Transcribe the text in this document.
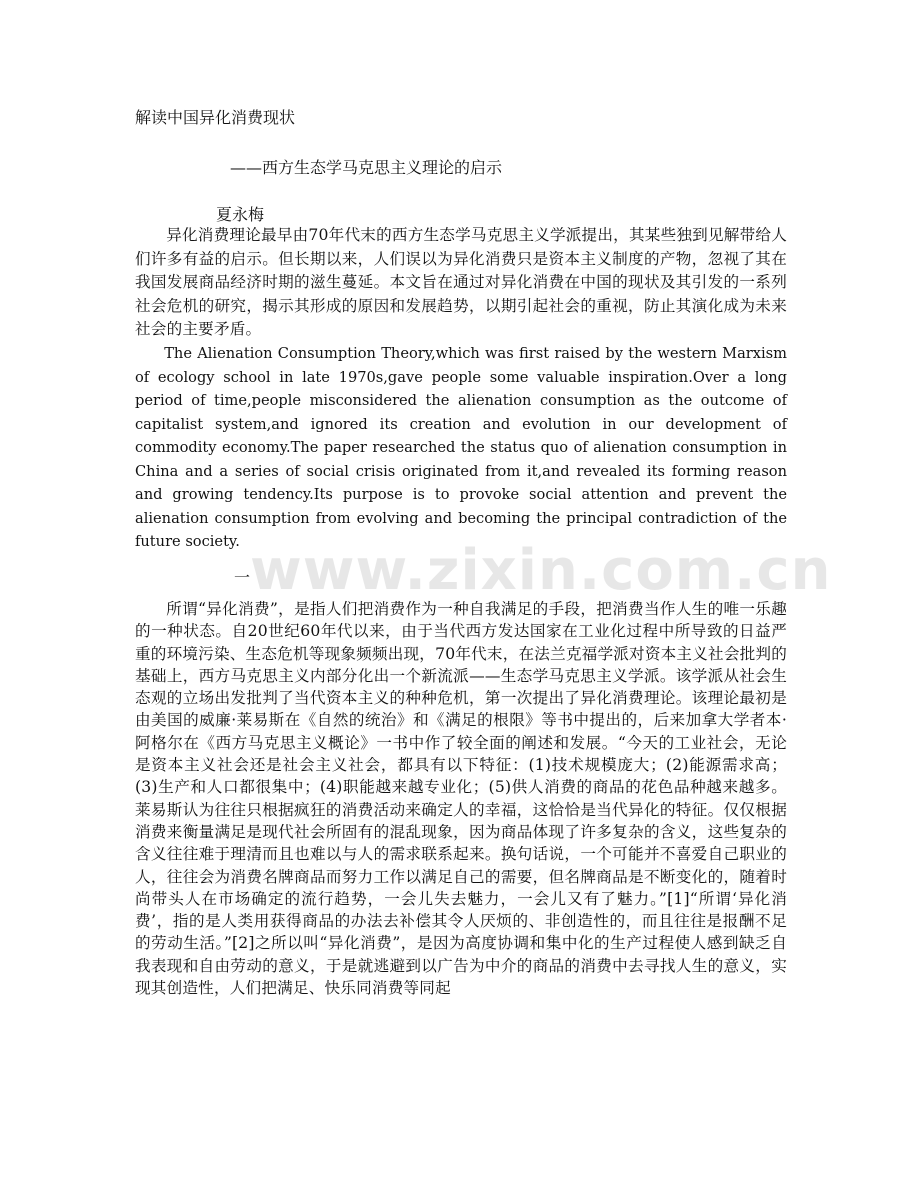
解读中国异化消费现状
——西方生态学马克思主义理论的启示
夏永梅

异化消费理论最早由70年代末的西方生态学马克思主义学派提出，其某些独到见解带给人们许多有益的启示。但长期以来，人们误以为异化消费只是资本主义制度的产物，忽视了其在我国发展商品经济时期的滋生蔓延。本文旨在通过对异化消费在中国的现状及其引发的一系列社会危机的研究，揭示其形成的原因和发展趋势，以期引起社会的重视，防止其演化成为未来社会的主要矛盾。

The Alienation Consumption Theory,which was first raised by the western Marxism of ecology school in late 1970s,gave people some valuable inspiration.Over a long period of time,people misconsidered the alienation consumption as the outcome of capitalist system,and ignored its creation and evolution in our development of commodity economy.The paper researched the status quo of alienation consumption in China and a series of social crisis originated from it,and revealed its forming reason and growing tendency.Its purpose is to provoke social attention and prevent the alienation consumption from evolving and becoming the principal contradiction of the future society. www.zixin.com.cn
一

所谓“异化消费”，是指人们把消费作为一种自我满足的手段，把消费当作人生的唯一乐趣的一种状态。自20世纪60年代以来，由于当代西方发达国家在工业化过程中所导致的日益严重的环境污染、生态危机等现象频频出现，70年代末，在法兰克福学派对资本主义社会批判的基础上，西方马克思主义内部分化出一个新流派——生态学马克思主义学派。该学派从社会生态观的立场出发批判了当代资本主义的种种危机，第一次提出了异化消费理论。该理论最初是由美国的威廉·莱易斯在《自然的统治》和《满足的根限》等书中提出的，后来加拿大学者本·阿格尔在《西方马克思主义概论》一书中作了较全面的阐述和发展。“今天的工业社会，无论是资本主义社会还是社会主义社会，都具有以下特征：(1)技术规模庞大；(2)能源需求高；(3)生产和人口都很集中；(4)职能越来越专业化；(5)供人消费的商品的花色品种越来越多。莱易斯认为往往只根据疯狂的消费活动来确定人的幸福，这恰恰是当代异化的特征。仅仅根据消费来衡量满足是现代社会所固有的混乱现象，因为商品体现了许多复杂的含义，这些复杂的含义往往难于理清而且也难以与人的需求联系起来。换句话说，一个可能并不喜爱自己职业的人，往往会为消费名牌商品而努力工作以满足自己的需要，但名牌商品是不断变化的，随着时尚带头人在市场确定的流行趋势，一会儿失去魅力，一会儿又有了魅力。”[1]“所谓‘异化消费’，指的是人类用获得商品的办法去补偿其令人厌烦的、非创造性的，而且往往是报酬不足的劳动生活。”[2]之所以叫“异化消费”，是因为高度协调和集中化的生产过程使人感到缺乏自我表现和自由劳动的意义，于是就逃避到以广告为中介的商品的消费中去寻找人生的意义，实现其创造性，人们把满足、快乐同消费等同起
